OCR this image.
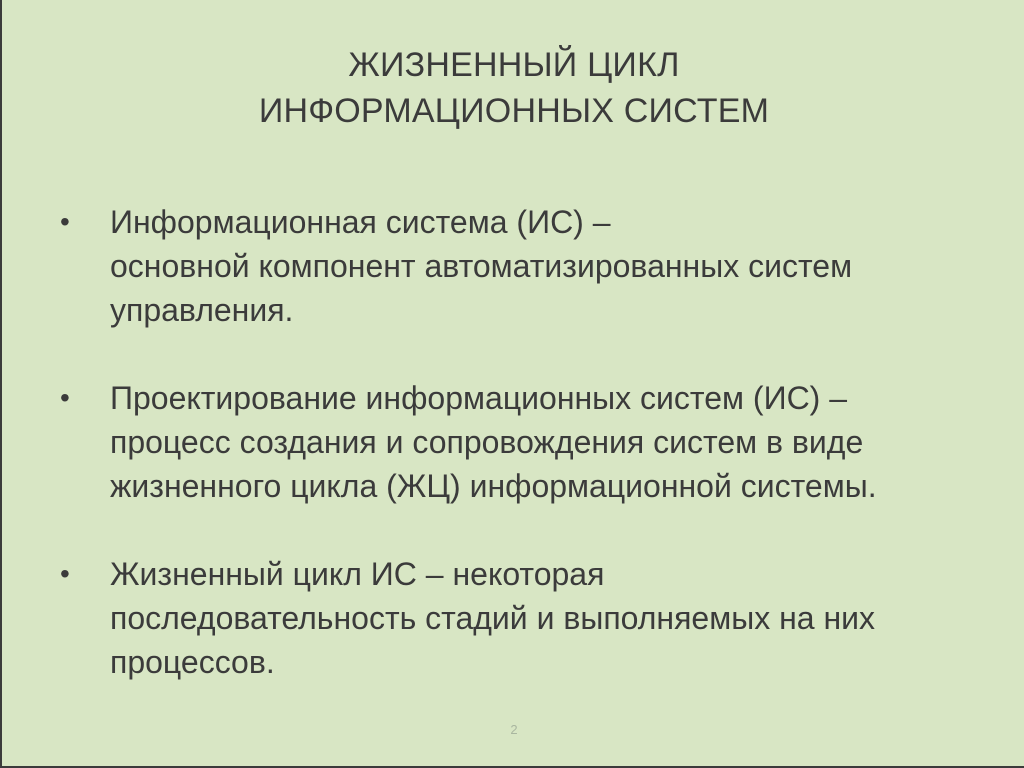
ЖИЗНЕННЫЙ ЦИКЛ
ИНФОРМАЦИОННЫХ СИСТЕМ
•	Информационная система (ИС) –
основной компонент автоматизированных систем
управления.
•	Проектирование информационных систем (ИС) –
процесс создания и сопровождения систем в виде
жизненного цикла (ЖЦ) информационной системы.
•	Жизненный цикл ИС – некоторая
последовательность стадий и выполняемых на них
процессов.
2
